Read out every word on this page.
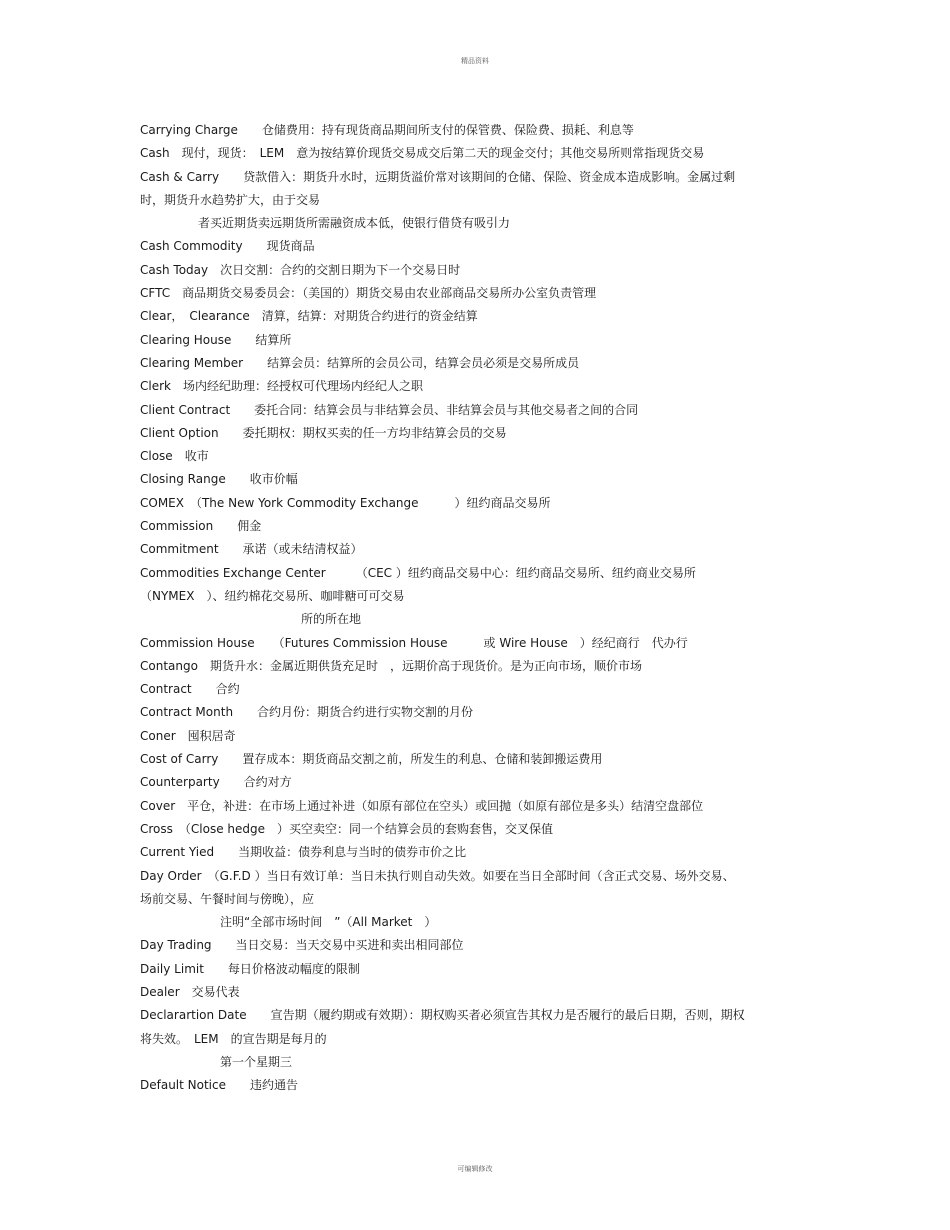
精品资料
Carrying Charge　　仓储费用：持有现货商品期间所支付的保管费、保险费、损耗、利息等
Cash　现付，现货：　LEM　意为按结算价现货交易成交后第二天的现金交付；其他交易所则常指现货交易
Cash & Carry　　贷款借入：期货升水时，远期货溢价常对该期间的仓储、保险、资金成本造成影响。金属过剩时，期货升水趋势扩大，由于交易
者买近期货卖远期货所需融资成本低，使银行借贷有吸引力
Cash Commodity　　现货商品
Cash Today　次日交割：合约的交割日期为下一个交易日时
CFTC　商品期货交易委员会：（美国的）期货交易由农业部商品交易所办公室负责管理
Clear，　Clearance　清算，结算：对期货合约进行的资金结算
Clearing House　　结算所
Clearing Member　　结算会员：结算所的会员公司，结算会员必须是交易所成员
Clerk　场内经纪助理：经授权可代理场内经纪人之职
Client Contract　　委托合同：结算会员与非结算会员、非结算会员与其他交易者之间的合同
Client Option　　委托期权：期权买卖的任一方均非结算会员的交易
Close　收市
Closing Range　　收市价幅
COMEX　（The New York Commodity Exchange　　　）纽约商品交易所
Commission　　佣金
Commitment　　承诺（或未结清权益）
Commodities Exchange Center　　　（CEC ）纽约商品交易中心：纽约商品交易所、纽约商业交易所（NYMEX　）、纽约棉花交易所、咖啡糖可可交易
所的所在地
Commission House　　（Futures Commission House　　　或 Wire House　）经纪商行　代办行
Contango　期货升水：金属近期供货充足时　，远期价高于现货价。是为正向市场，顺价市场
Contract　　合约
Contract Month　　合约月份：期货合约进行实物交割的月份
Coner　囤积居奇
Cost of Carry　　置存成本：期货商品交割之前，所发生的利息、仓储和装卸搬运费用
Counterparty　　合约对方
Cover　平仓，补进：在市场上通过补进（如原有部位在空头）或回抛（如原有部位是多头）结清空盘部位
Cross　（Close hedge　）买空卖空：同一个结算会员的套购套售，交叉保值
Current Yied　　当期收益：债券利息与当时的债券市价之比
Day Order　（G.F.D ）当日有效订单：当日未执行则自动失效。如要在当日全部时间（含正式交易、场外交易、场前交易、午餐时间与傍晚），应
注明“全部市场时间　”（All Market　）
Day Trading　　当日交易：当天交易中买进和卖出相同部位
Daily Limit　　每日价格波动幅度的限制
Dealer　交易代表
Declarartion Date　　宣告期（履约期或有效期）：期权购买者必须宣告其权力是否履行的最后日期，否则，期权将失效。　LEM　的宣告期是每月的
第一个星期三
Default Notice　　违约通告
可编辑修改
